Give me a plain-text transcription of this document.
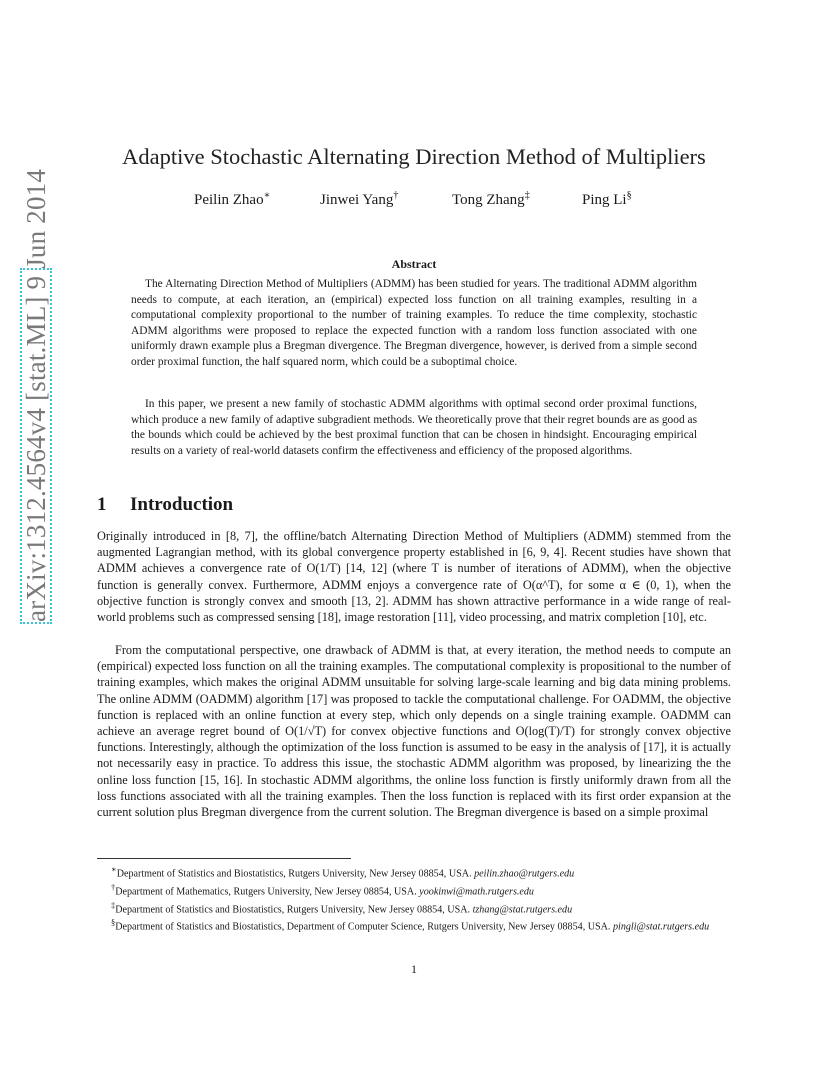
arXiv:1312.4564v4 [stat.ML] 9 Jun 2014
Adaptive Stochastic Alternating Direction Method of Multipliers
Peilin Zhao∗	Jinwei Yang†	Tong Zhang‡	Ping Li§
Abstract
The Alternating Direction Method of Multipliers (ADMM) has been studied for years. The traditional ADMM algorithm needs to compute, at each iteration, an (empirical) expected loss function on all training examples, resulting in a computational complexity proportional to the number of training examples. To reduce the time complexity, stochastic ADMM algorithms were proposed to replace the expected function with a random loss function associated with one uniformly drawn example plus a Bregman divergence. The Bregman divergence, however, is derived from a simple second order proximal function, the half squared norm, which could be a suboptimal choice.
In this paper, we present a new family of stochastic ADMM algorithms with optimal second order proximal functions, which produce a new family of adaptive subgradient methods. We theoretically prove that their regret bounds are as good as the bounds which could be achieved by the best proximal function that can be chosen in hindsight. Encouraging empirical results on a variety of real-world datasets confirm the effectiveness and efficiency of the proposed algorithms.
1 Introduction
Originally introduced in [8, 7], the offline/batch Alternating Direction Method of Multipliers (ADMM) stemmed from the augmented Lagrangian method, with its global convergence property established in [6, 9, 4]. Recent studies have shown that ADMM achieves a convergence rate of O(1/T) [14, 12] (where T is number of iterations of ADMM), when the objective function is generally convex. Furthermore, ADMM enjoys a convergence rate of O(α^T), for some α ∈ (0, 1), when the objective function is strongly convex and smooth [13, 2]. ADMM has shown attractive performance in a wide range of real-world problems such as compressed sensing [18], image restoration [11], video processing, and matrix completion [10], etc.
From the computational perspective, one drawback of ADMM is that, at every iteration, the method needs to compute an (empirical) expected loss function on all the training examples. The computational complexity is propositional to the number of training examples, which makes the original ADMM unsuitable for solving large-scale learning and big data mining problems. The online ADMM (OADMM) algorithm [17] was proposed to tackle the computational challenge. For OADMM, the objective function is replaced with an online function at every step, which only depends on a single training example. OADMM can achieve an average regret bound of O(1/√T) for convex objective functions and O(log(T)/T) for strongly convex objective functions. Interestingly, although the optimization of the loss function is assumed to be easy in the analysis of [17], it is actually not necessarily easy in practice. To address this issue, the stochastic ADMM algorithm was proposed, by linearizing the the online loss function [15, 16]. In stochastic ADMM algorithms, the online loss function is firstly uniformly drawn from all the loss functions associated with all the training examples. Then the loss function is replaced with its first order expansion at the current solution plus Bregman divergence from the current solution. The Bregman divergence is based on a simple proximal
∗Department of Statistics and Biostatistics, Rutgers University, New Jersey 08854, USA. peilin.zhao@rutgers.edu
†Department of Mathematics, Rutgers University, New Jersey 08854, USA. yookinwi@math.rutgers.edu
‡Department of Statistics and Biostatistics, Rutgers University, New Jersey 08854, USA. tzhang@stat.rutgers.edu
§Department of Statistics and Biostatistics, Department of Computer Science, Rutgers University, New Jersey 08854, USA. pingli@stat.rutgers.edu
1
